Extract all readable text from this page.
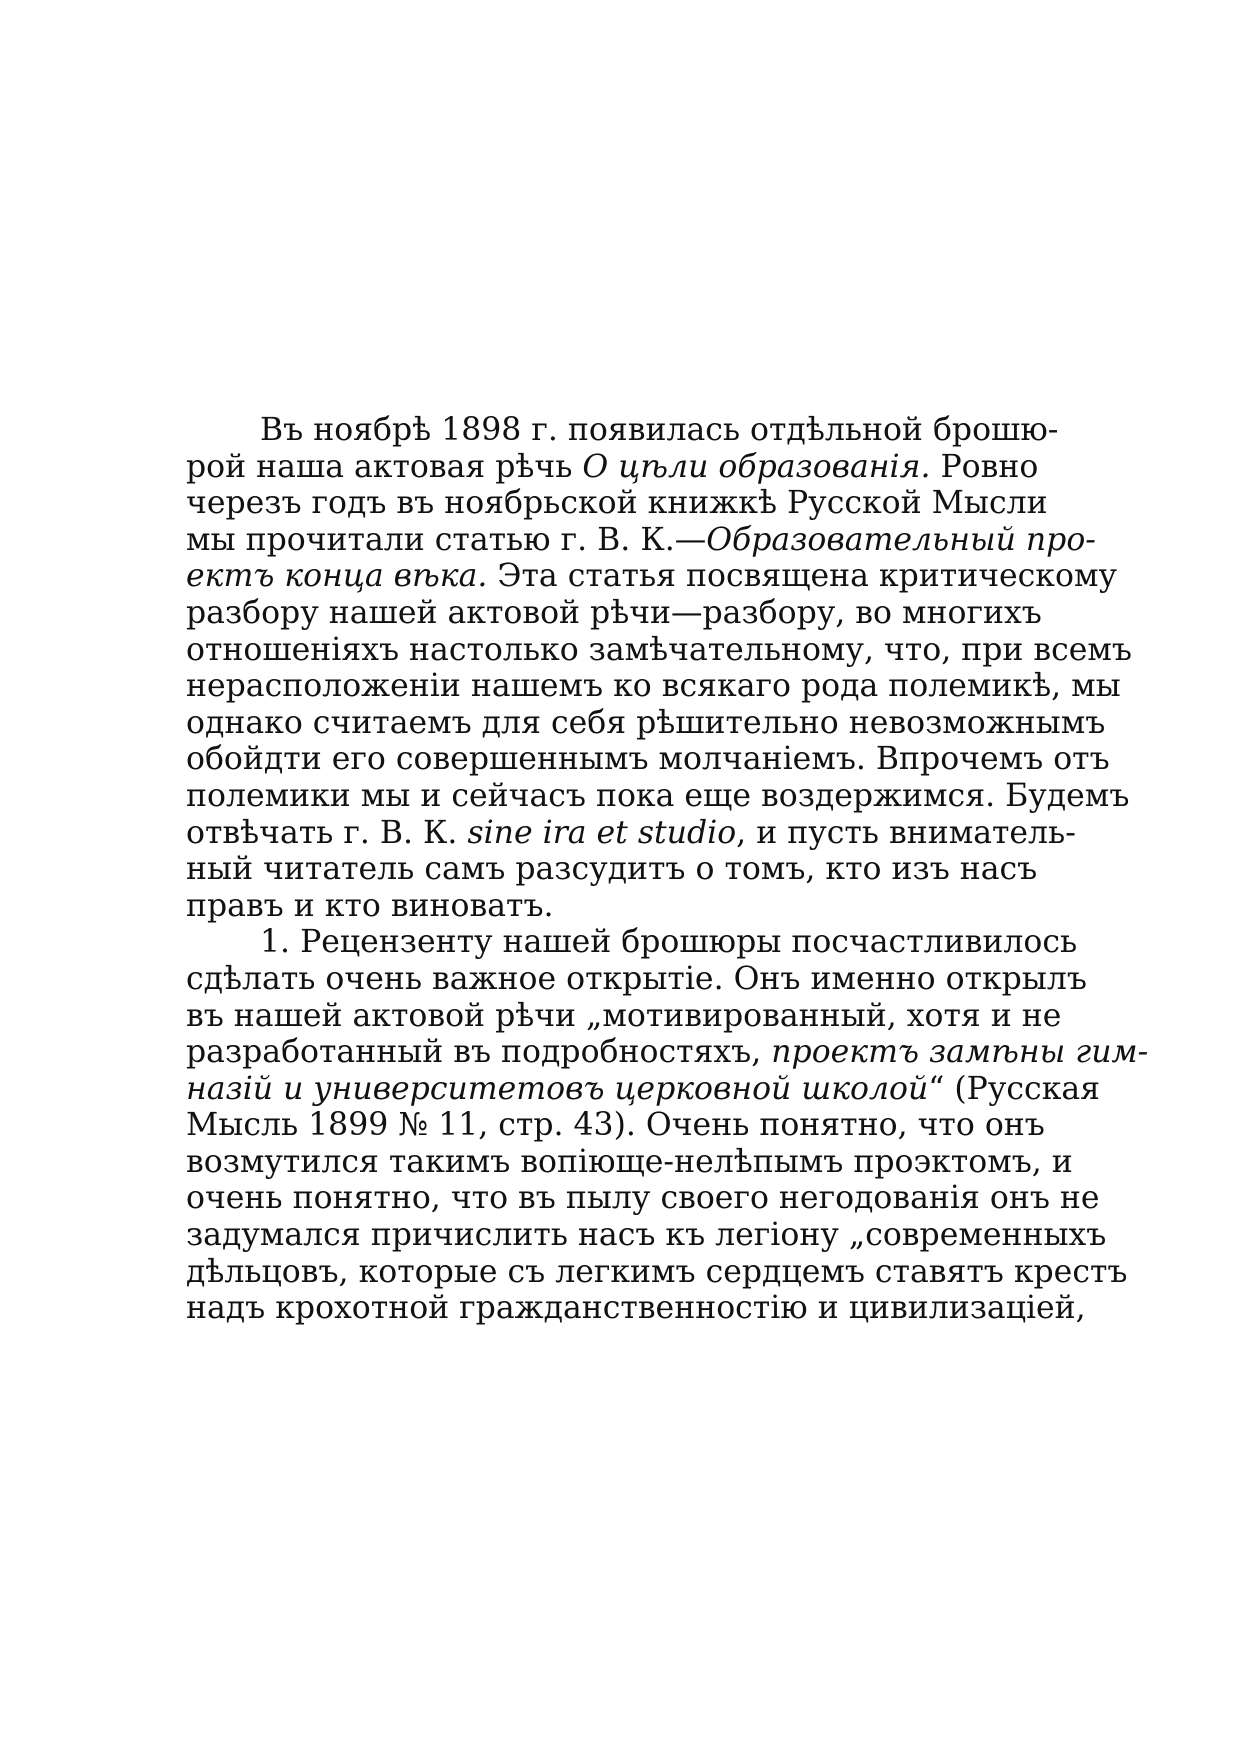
Въ ноябрѣ 1898 г. появилась отдѣльной брошю-
рой наша актовая рѣчь О цѣли образованія. Ровно
черезъ годъ въ ноябрьской книжкѣ Русской Мысли
мы прочитали статью г. В. К.—Образовательный про-
ектъ конца вѣка. Эта статья посвящена критическому
разбору нашей актовой рѣчи—разбору, во многихъ
отношеніяхъ настолько замѣчательному, что, при всемъ
нерасположеніи нашемъ ко всякаго рода полемикѣ, мы
однако считаемъ для себя рѣшительно невозможнымъ
обойдти его совершеннымъ молчаніемъ. Впрочемъ отъ
полемики мы и сейчасъ пока еще воздержимся. Будемъ
отвѣчать г. В. К. sine ira et studio, и пусть вниматель-
ный читатель самъ разсудитъ о томъ, кто изъ насъ
правъ и кто виноватъ.
1. Рецензенту нашей брошюры посчастливилось
сдѣлать очень важное открытіе. Онъ именно открылъ
въ нашей актовой рѣчи „мотивированный, хотя и не
разработанный въ подробностяхъ, проектъ замѣны гим-
назій и университетовъ церковной школой“ (Русская
Мысль 1899 № 11, стр. 43). Очень понятно, что онъ
возмутился такимъ вопіюще-нелѣпымъ проэктомъ, и
очень понятно, что въ пылу своего негодованія онъ не
задумался причислить насъ къ легіону „современныхъ
дѣльцовъ, которые съ легкимъ сердцемъ ставятъ крестъ
надъ крохотной гражданственностію и цивилизаціей,
